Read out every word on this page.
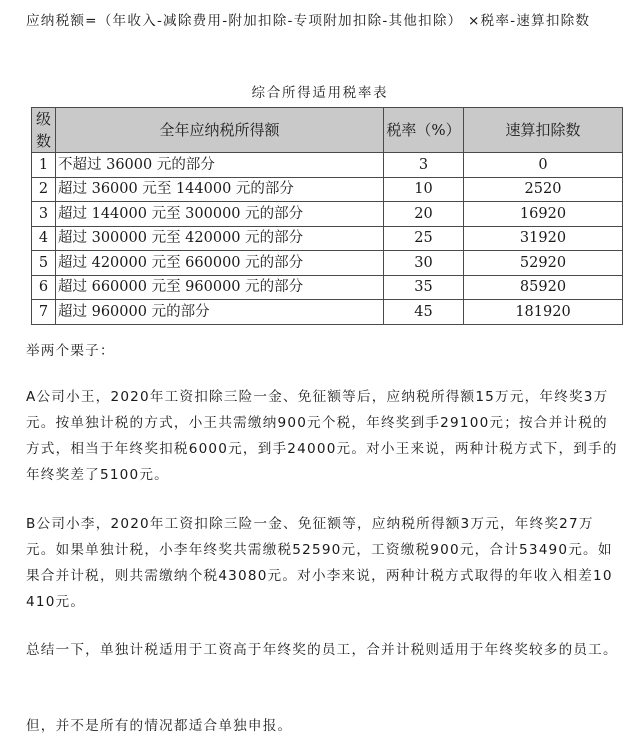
应纳税额=（年收入-减除费用-附加扣除-专项附加扣除-其他扣除） ×税率-速算扣除数

综合所得适用税率表
级数	全年应纳税所得额	税率（%）	速算扣除数
1	不超过 36000 元的部分	3	0
2	超过 36000 元至 144000 元的部分	10	2520
3	超过 144000 元至 300000 元的部分	20	16920
4	超过 300000 元至 420000 元的部分	25	31920
5	超过 420000 元至 660000 元的部分	30	52920
6	超过 660000 元至 960000 元的部分	35	85920
7	超过 960000 元的部分	45	181920

举两个栗子：

A公司小王，2020年工资扣除三险一金、免征额等后，应纳税所得额15万元，年终奖3万元。按单独计税的方式，小王共需缴纳900元个税，年终奖到手29100元；按合并计税的方式，相当于年终奖扣税6000元，到手24000元。对小王来说，两种计税方式下，到手的年终奖差了5100元。

B公司小李，2020年工资扣除三险一金、免征额等，应纳税所得额3万元，年终奖27万元。如果单独计税，小李年终奖共需缴税52590元，工资缴税900元，合计53490元。如果合并计税，则共需缴纳个税43080元。对小李来说，两种计税方式取得的年收入相差10410元。

总结一下，单独计税适用于工资高于年终奖的员工，合并计税则适用于年终奖较多的员工。

但，并不是所有的情况都适合单独申报。
